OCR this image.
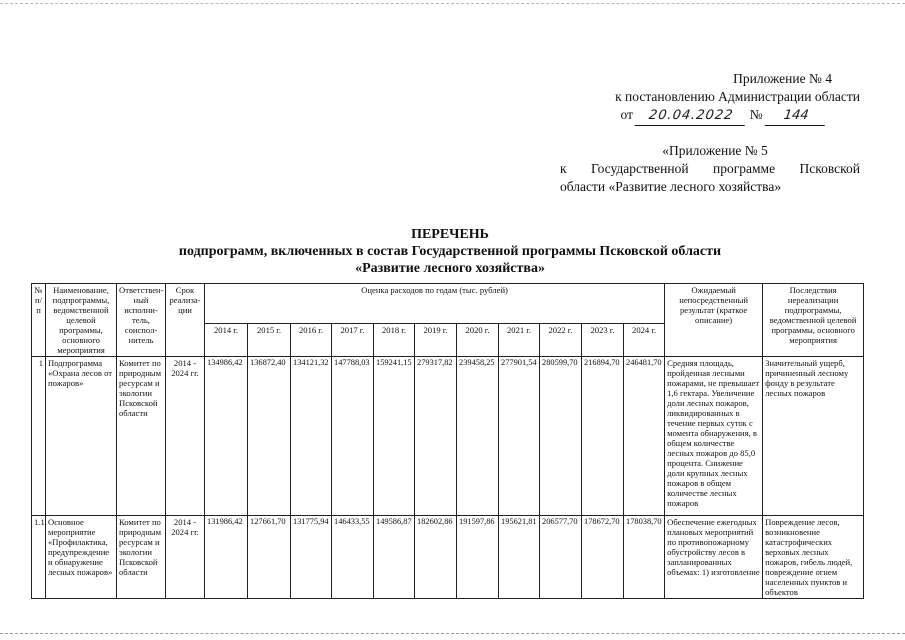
Приложение № 4
к постановлению Администрации области
от 20.04.2022 № 144
«Приложение № 5
к Государственной программе Псковской
области «Развитие лесного хозяйства»
ПЕРЕЧЕНЬ
подпрограмм, включенных в состав Государственной программы Псковской области
«Развитие лесного хозяйства»
№ п/п	Наименование, подпрограммы, ведомственной целевой программы, основного мероприятия	Ответствен-ный исполни-тель, соиспол-нитель	Срок реализа-ции	Оценка расходов по годам (тыс. рублей)											Ожидаемый непосредственный результат (краткое описание)	Последствия нереализации подпрограммы, ведомственной целевой программы, основного мероприятия
				2014 г.	2015 г.	2016 г.	2017 г.	2018 г.	2019 г.	2020 г.	2021 г.	2022 г.	2023 г.	2024 г.		
1	Подпрограмма «Охрана лесов от пожаров»	Комитет по природным ресурсам и экологии Псковской области	2014 - 2024 гг.	134986,42	136872,40	134121,32	147788,03	159241,15	279317,82	239458,25	277901,54	280599,70	216894,70	246481,70	Средняя площадь, пройденная лесными пожарами, не превышает 1,6 гектара. Увеличение доли лесных пожаров, ликвидированных в течение первых суток с момента обнаружения, в общем количестве лесных пожаров до 85,0 процента. Снижение доли крупных лесных пожаров в общем количестве лесных пожаров	Значительный ущерб, причиненный лесному фонду в результате лесных пожаров
1.1.	Основное мероприятие «Профилактика, предупреждение и обнаружение лесных пожаров»	Комитет по природным ресурсам и экологии Псковской области	2014 - 2024 гг.	131986,42	127661,70	131775,94	146433,55	149586,87	182602,86	191597,86	195621,81	206577,70	178672,70	178038,70	Обеспечение ежегодных плановых мероприятий по противопожарному обустройству лесов в запланированных объемах: 1) изготовление	Повреждение лесов, возникновение катастрофических верховых лесных пожаров, гибель людей, повреждение огнем населенных пунктов и объектов
